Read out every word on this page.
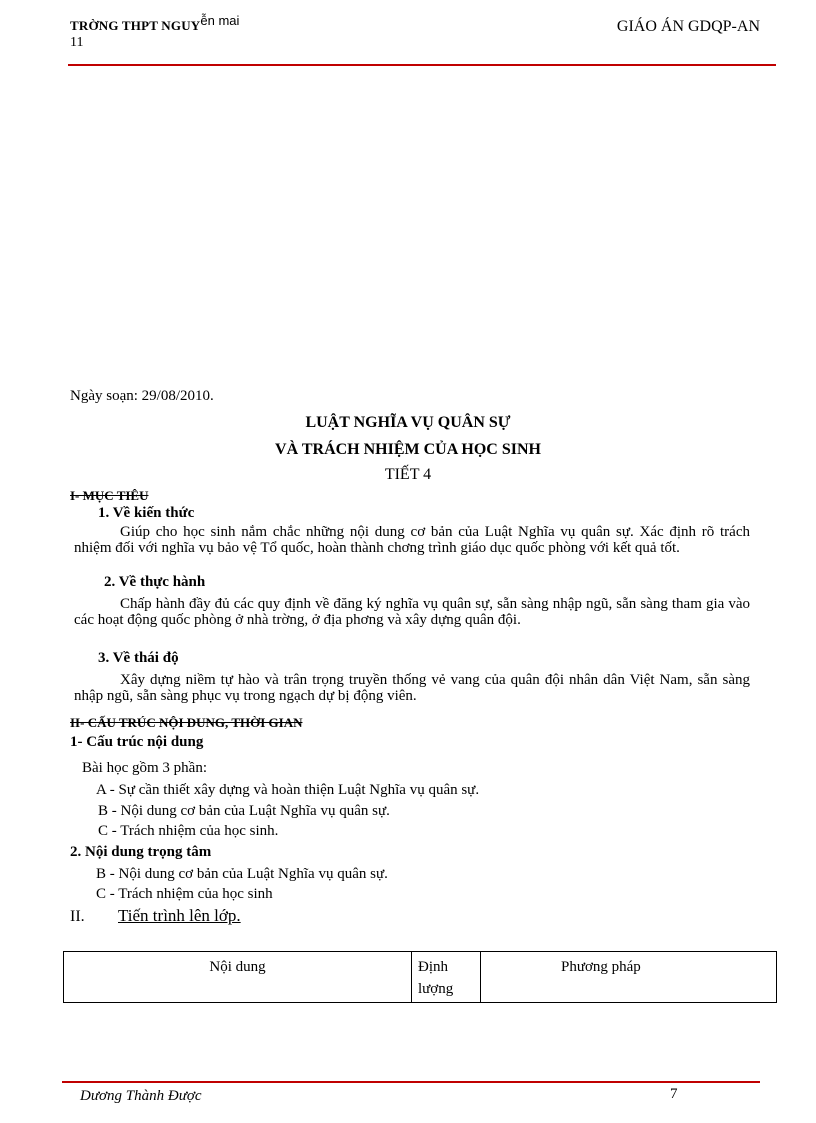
TRỜNG THPT NGUYễn mai
11
GIÁO ÁN GDQP-AN
Ngày soạn: 29/08/2010.
LUẬT NGHĨA VỤ QUÂN SỰ
VÀ TRÁCH NHIỆM CỦA HỌC SINH
TIẾT 4
I- MỤC TIÊU
1. Về kiến thức
Giúp cho học sinh nắm chắc những nội dung cơ bản của Luật Nghĩa vụ quân sự. Xác định rõ trách nhiệm đối với nghĩa vụ bảo vệ Tổ quốc, hoàn thành chơng trình giáo dục quốc phòng với kết quả tốt.
2. Về thực hành
Chấp hành đầy đủ các quy định về đăng ký nghĩa vụ quân sự, sẵn sàng nhập ngũ, sẵn sàng tham gia vào các hoạt động quốc phòng ở nhà trờng, ở địa phơng và xây dựng quân đội.
3. Về thái độ
Xây dựng niềm tự hào và trân trọng truyền thống vẻ vang của quân đội nhân dân Việt Nam, sẵn sàng nhập ngũ, sẵn sàng phục vụ trong ngạch dự bị động viên.
II- CẤU TRÚC NỘI DUNG, THỜI GIAN
1- Cấu trúc nội dung
Bài học gồm 3 phần:
A - Sự cần thiết xây dựng và hoàn thiện Luật Nghĩa vụ quân sự.
B - Nội dung cơ bản của Luật Nghĩa vụ quân sự.
C - Trách nhiệm của học sinh.
2. Nội dung trọng tâm
B - Nội dung cơ bản của Luật Nghĩa vụ quân sự.
C - Trách nhiệm của học sinh
II. Tiến trình lên lớp.
Nội dung	Định lượng	Phương pháp
Dương Thành Được	7
